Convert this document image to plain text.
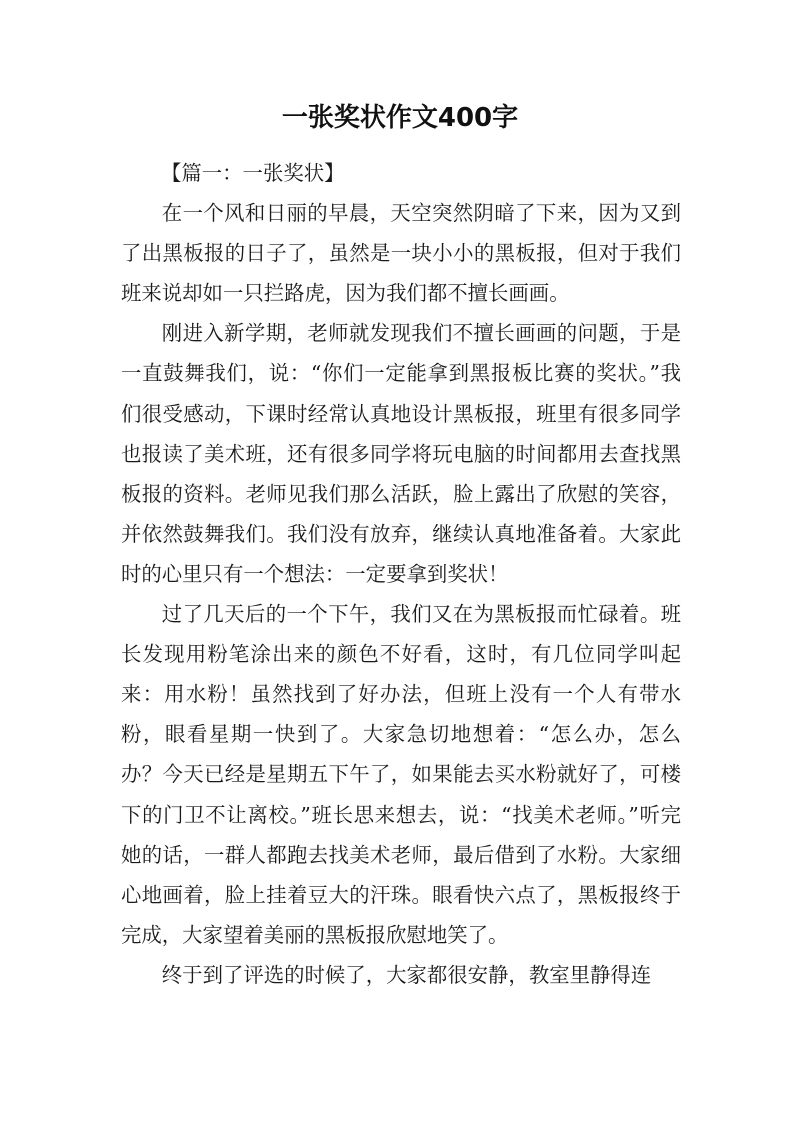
一张奖状作文400字

【篇一：一张奖状】

在一个风和日丽的早晨，天空突然阴暗了下来，因为又到了出黑板报的日子了，虽然是一块小小的黑板报，但对于我们班来说却如一只拦路虎，因为我们都不擅长画画。

刚进入新学期，老师就发现我们不擅长画画的问题，于是一直鼓舞我们，说：“你们一定能拿到黑报板比赛的奖状。”我们很受感动，下课时经常认真地设计黑板报，班里有很多同学也报读了美术班，还有很多同学将玩电脑的时间都用去查找黑板报的资料。老师见我们那么活跃，脸上露出了欣慰的笑容，并依然鼓舞我们。我们没有放弃，继续认真地准备着。大家此时的心里只有一个想法：一定要拿到奖状！

过了几天后的一个下午，我们又在为黑板报而忙碌着。班长发现用粉笔涂出来的颜色不好看，这时，有几位同学叫起来：用水粉！虽然找到了好办法，但班上没有一个人有带水粉，眼看星期一快到了。大家急切地想着：“怎么办，怎么办？今天已经是星期五下午了，如果能去买水粉就好了，可楼下的门卫不让离校。”班长思来想去，说：“找美术老师。”听完她的话，一群人都跑去找美术老师，最后借到了水粉。大家细心地画着，脸上挂着豆大的汗珠。眼看快六点了，黑板报终于完成，大家望着美丽的黑板报欣慰地笑了。

终于到了评选的时候了，大家都很安静，教室里静得连
